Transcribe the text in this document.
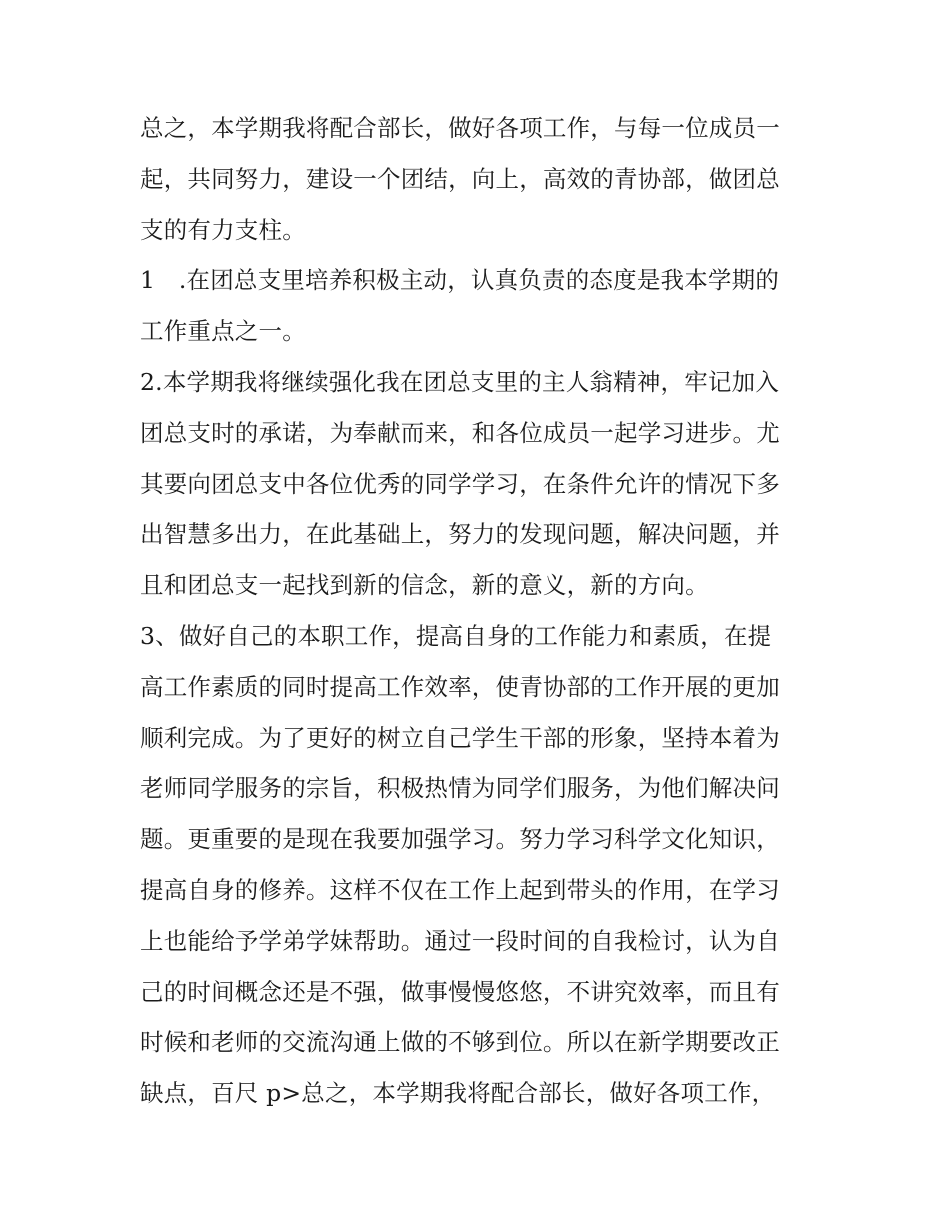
总之，本学期我将配合部长，做好各项工作，与每一位成员一
起，共同努力，建设一个团结，向上，高效的青协部，做团总
支的有力支柱。

1　.在团总支里培养积极主动，认真负责的态度是我本学期的
工作重点之一。

2.本学期我将继续强化我在团总支里的主人翁精神，牢记加入
团总支时的承诺，为奉献而来，和各位成员一起学习进步。尤
其要向团总支中各位优秀的同学学习，在条件允许的情况下多
出智慧多出力，在此基础上，努力的发现问题，解决问题，并
且和团总支一起找到新的信念，新的意义，新的方向。

3、做好自己的本职工作，提高自身的工作能力和素质，在提
高工作素质的同时提高工作效率，使青协部的工作开展的更加
顺利完成。为了更好的树立自己学生干部的形象，坚持本着为
老师同学服务的宗旨，积极热情为同学们服务，为他们解决问
题。更重要的是现在我要加强学习。努力学习科学文化知识，
提高自身的修养。这样不仅在工作上起到带头的作用，在学习
上也能给予学弟学妹帮助。通过一段时间的自我检讨，认为自
己的时间概念还是不强，做事慢慢悠悠，不讲究效率，而且有
时候和老师的交流沟通上做的不够到位。所以在新学期要改正
缺点，百尺 p>总之，本学期我将配合部长，做好各项工作，
